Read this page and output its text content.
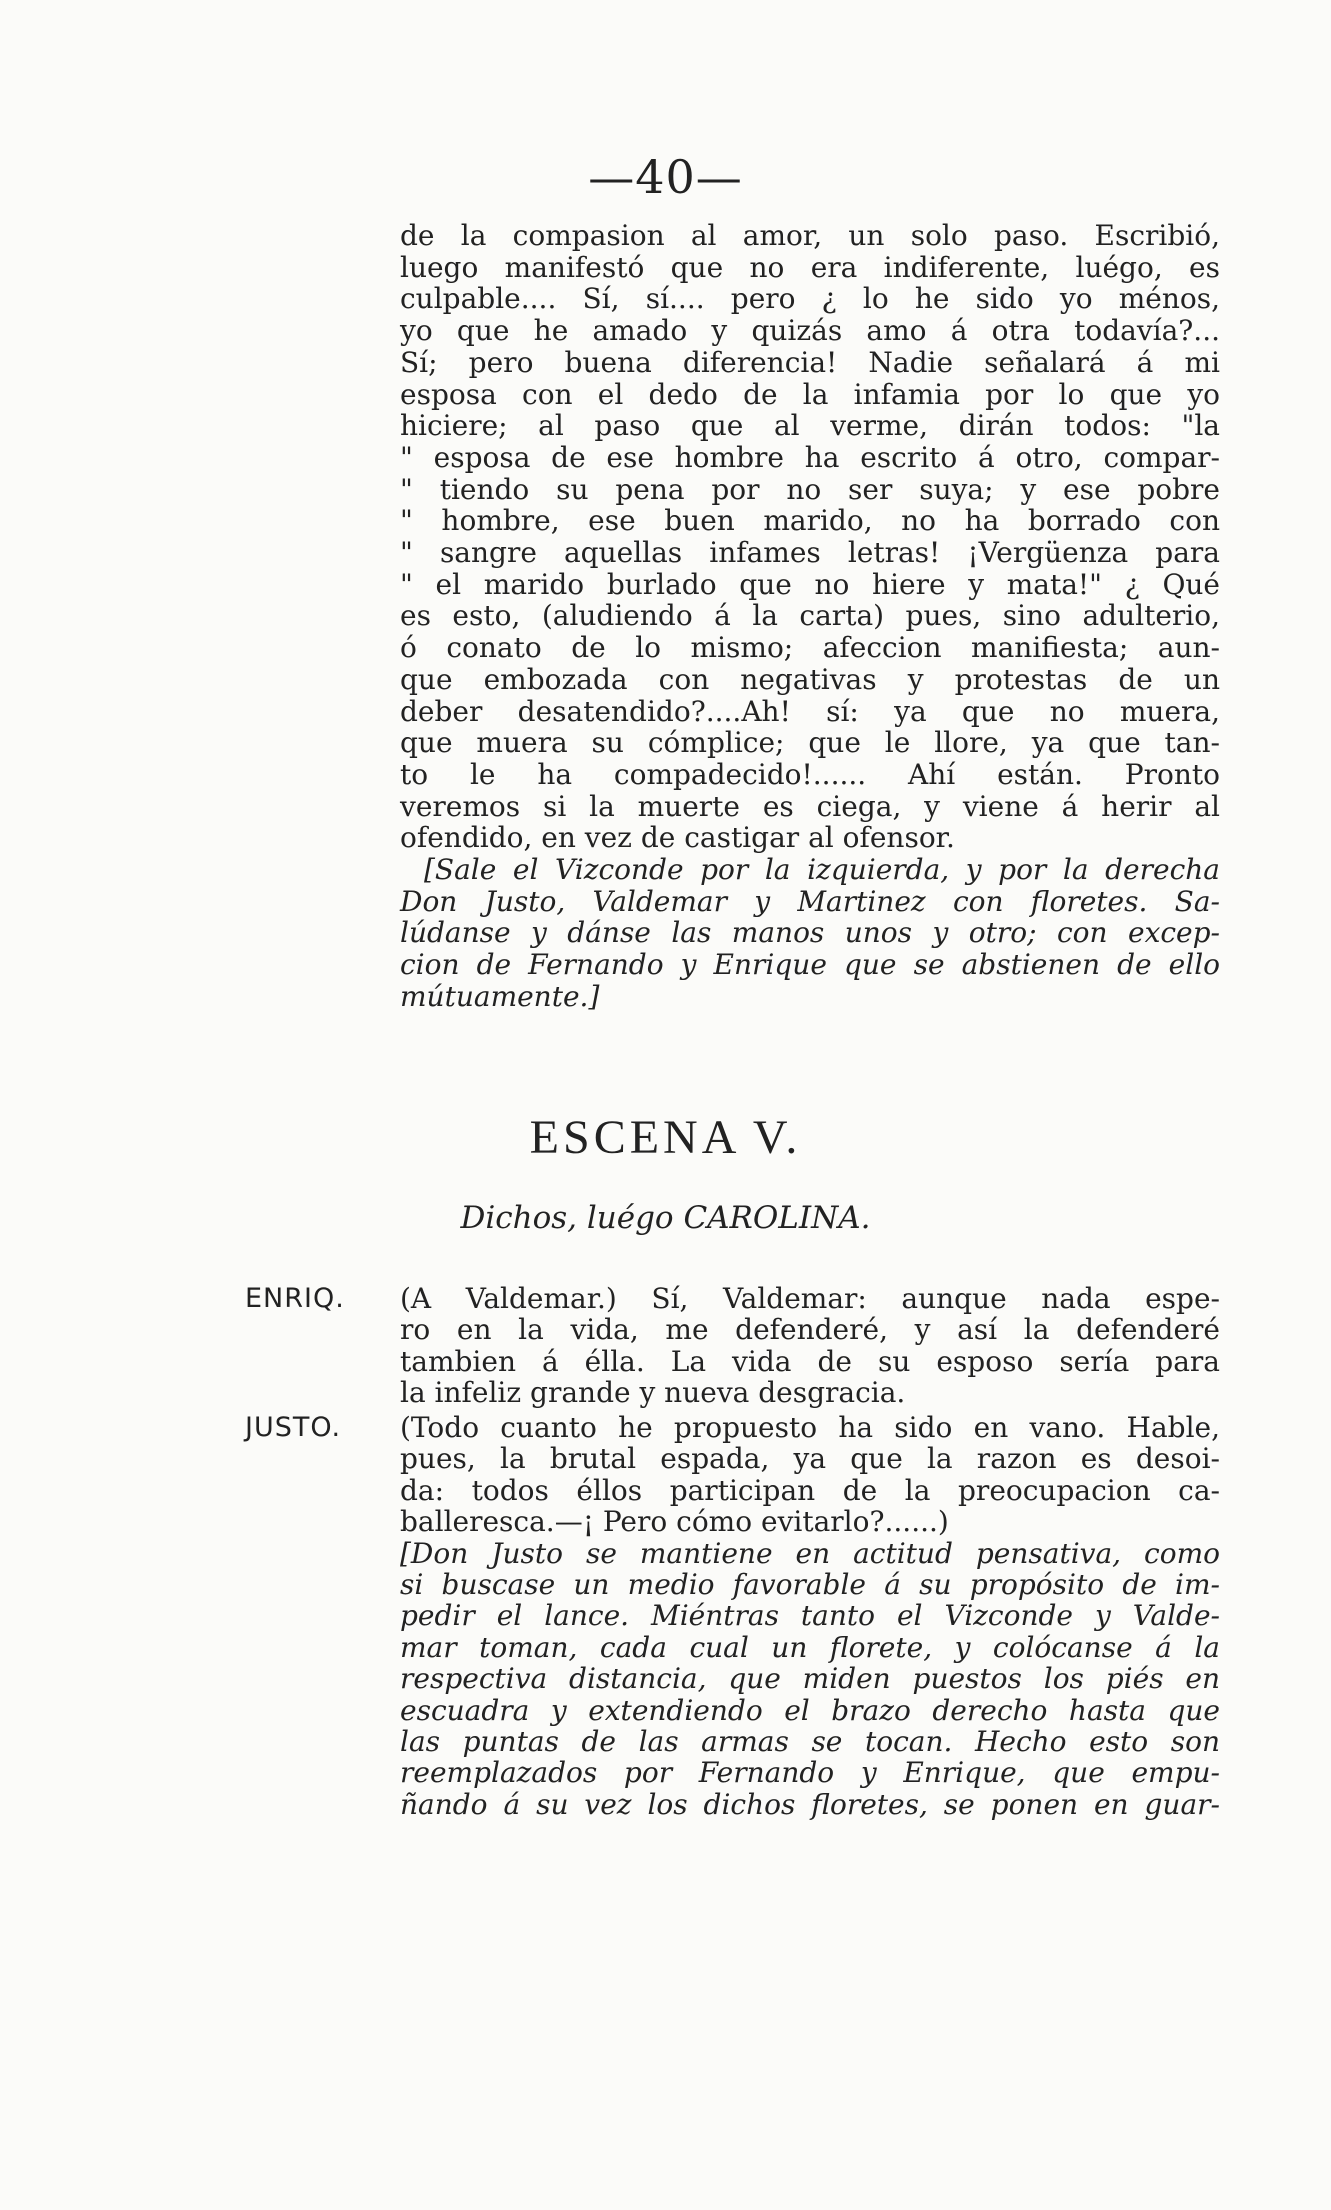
—40—
de la compasion al amor, un solo paso. Escribió,
luego manifestó que no era indiferente, luégo, es
culpable.... Sí, sí.... pero ¿ lo he sido yo ménos,
yo que he amado y quizás amo á otra todavía?...
Sí; pero buena diferencia! Nadie señalará á mi
esposa con el dedo de la infamia por lo que yo
hiciere; al paso que al verme, dirán todos: "la
" esposa de ese hombre ha escrito á otro, compar-
" tiendo su pena por no ser suya; y ese pobre
" hombre, ese buen marido, no ha borrado con
" sangre aquellas infames letras! ¡Vergüenza para
" el marido burlado que no hiere y mata!" ¿ Qué
es esto, (aludiendo á la carta) pues, sino adulterio,
ó conato de lo mismo; afeccion manifiesta; aun-
que embozada con negativas y protestas de un
deber desatendido?....Ah! sí: ya que no muera,
que muera su cómplice; que le llore, ya que tan-
to le ha compadecido!...... Ahí están. Pronto
veremos si la muerte es ciega, y viene á herir al
ofendido, en vez de castigar al ofensor.
[Sale el Vizconde por la izquierda, y por la derecha
Don Justo, Valdemar y Martinez con floretes. Sa-
lúdanse y dánse las manos unos y otro; con excep-
cion de Fernando y Enrique que se abstienen de ello
mútuamente.]
ESCENA V.
Dichos, luégo CAROLINA.
ENRIQ. (A Valdemar.) Sí, Valdemar: aunque nada espe-
ro en la vida, me defenderé, y así la defenderé
tambien á élla. La vida de su esposo sería para
la infeliz grande y nueva desgracia.
JUSTO. (Todo cuanto he propuesto ha sido en vano. Hable,
pues, la brutal espada, ya que la razon es desoi-
da: todos éllos participan de la preocupacion ca-
balleresca.—¡ Pero cómo evitarlo?......)
[Don Justo se mantiene en actitud pensativa, como
si buscase un medio favorable á su propósito de im-
pedir el lance. Miéntras tanto el Vizconde y Valde-
mar toman, cada cual un florete, y colócanse á la
respectiva distancia, que miden puestos los piés en
escuadra y extendiendo el brazo derecho hasta que
las puntas de las armas se tocan. Hecho esto son
reemplazados por Fernando y Enrique, que empu-
ñando á su vez los dichos floretes, se ponen en guar-
